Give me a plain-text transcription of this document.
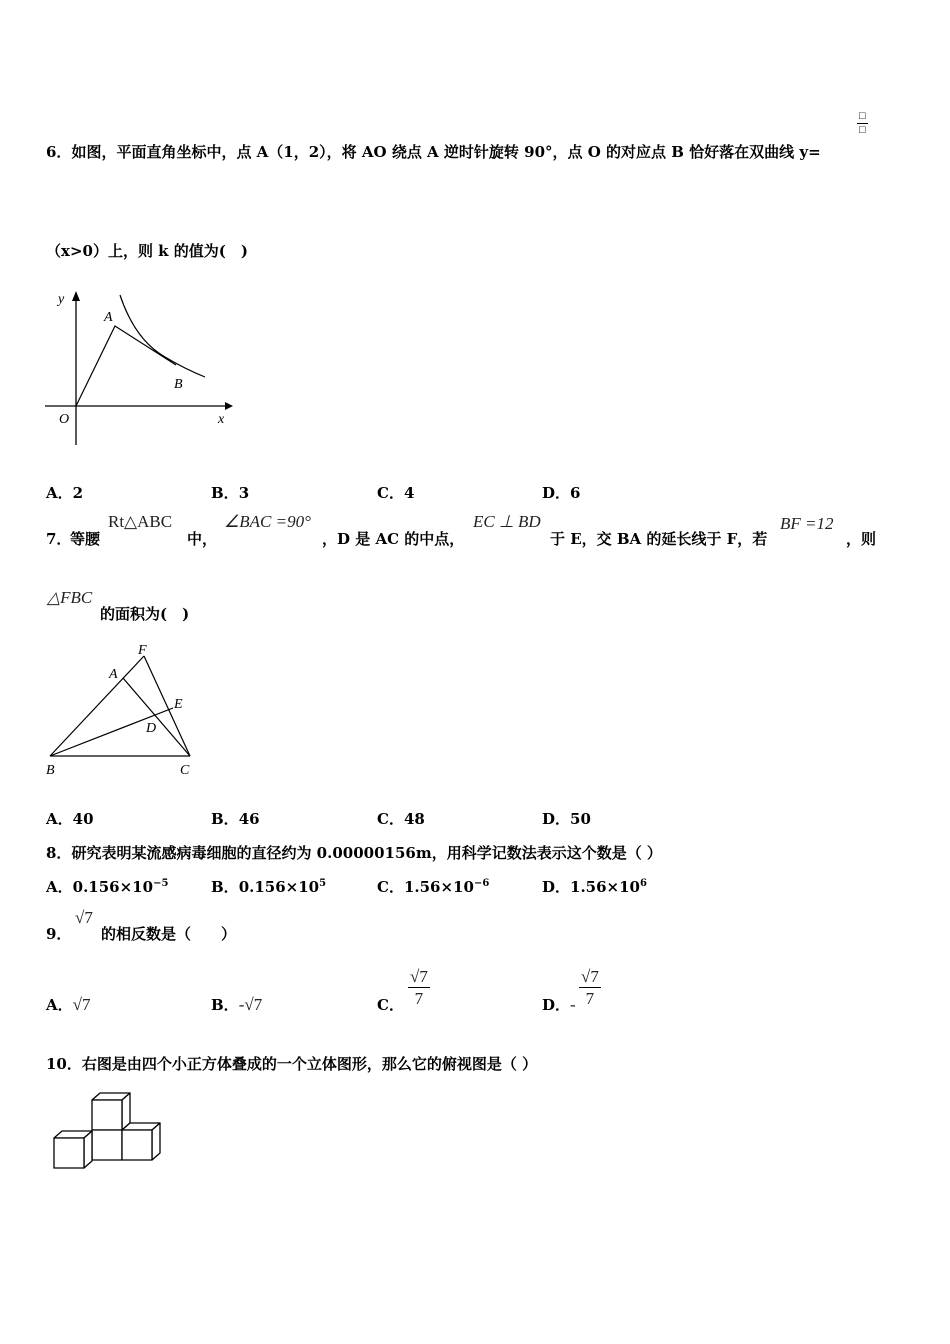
6．如图，平面直角坐标中，点 A（1，2），将 AO 绕点 A 逆时针旋转 90°，点 O 的对应点 B 恰好落在双曲线 y=
□
□
（x>0）上，则 k 的值为(　)
y
x
O
A
B
A．2	B．3	C．4	D．6
7．
等腰
Rt△ABC
中，
∠BAC =90°
，D 是 AC 的中点，
EC ⊥ BD
于 E，交 BA 的延长线于 F，若
BF =12
，则
△FBC
的面积为(　)
F
A
E
D
B	C
A．40	B．46	C．48	D．50
8．研究表明某流感病毒细胞的直径约为 0.00000156m，用科学记数法表示这个数是（ ）
A．$0.156\times 10^{-5}$	B．$0.156\times 10^5$	C．$1.56\times 10^{-6}$	D．$1.56\times 10^6$
9．
√7
的相反数是（　　）
A．√7	B．-√7	C． $\frac{√7}{7}$	D．- $\frac{√7}{7}$
10．右图是由四个小正方体叠成的一个立体图形，那么它的俯视图是（ ）
